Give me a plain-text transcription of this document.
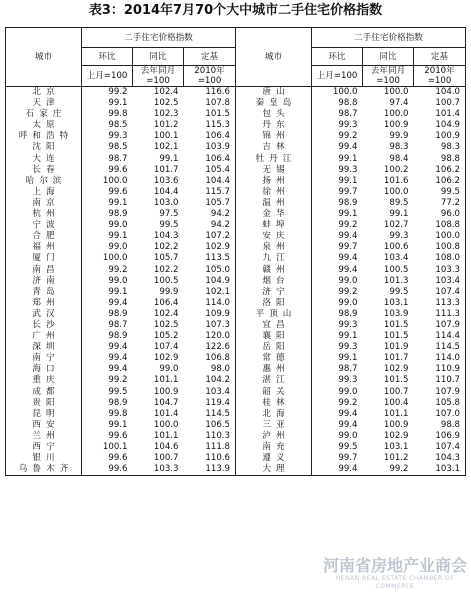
表3：2014年7月70个大中城市二手住宅价格指数
城市	二手住宅价格指数			城市	二手住宅价格指数		
	环比	同比	定基		环比	同比	定基
	上月=100	去年同月=100	2010年=100		上月=100	去年同月=100	2010年=100
北京	99.2	102.4	116.6	唐山	100.0	100.0	104.0
天津	99.1	102.5	107.8	秦皇岛	98.8	97.4	100.7
石家庄	99.8	102.3	101.5	包头	98.7	100.0	101.4
太原	98.5	101.2	115.3	丹东	99.3	100.9	104.9
呼和浩特	99.3	100.1	106.4	锦州	99.2	99.9	100.9
沈阳	98.5	102.1	103.9	吉林	99.4	98.3	98.3
大连	98.7	99.1	106.4	牡丹江	99.1	98.4	98.8
长春	99.6	101.7	105.4	无锡	99.3	100.2	106.2
哈尔滨	100.0	103.6	104.4	扬州	99.1	101.6	106.2
上海	99.6	104.4	115.7	徐州	99.7	100.0	99.5
南京	99.1	103.0	105.7	温州	98.9	89.5	77.2
杭州	98.9	97.5	94.2	金华	99.1	99.1	96.0
宁波	99.0	99.5	94.2	蚌埠	99.2	102.7	108.8
合肥	99.1	104.3	107.2	安庆	99.4	99.3	100.0
福州	99.0	102.2	102.9	泉州	99.7	100.6	100.8
厦门	100.0	105.7	113.5	九江	99.4	103.4	108.0
南昌	99.2	102.2	105.0	赣州	99.4	100.5	103.3
济南	99.0	100.5	104.9	烟台	99.0	101.3	103.4
青岛	99.1	99.9	102.1	济宁	99.2	99.5	107.4
郑州	99.4	106.4	114.0	洛阳	99.0	103.1	113.3
武汉	98.9	102.4	109.9	平顶山	98.9	103.9	111.3
长沙	98.7	102.5	107.3	宜昌	99.3	101.5	107.9
广州	98.9	105.2	120.0	襄阳	99.1	101.5	114.4
深圳	99.4	107.4	122.6	岳阳	99.3	101.9	114.5
南宁	99.4	102.9	106.8	常德	99.1	101.7	114.0
海口	99.4	99.0	98.0	惠州	98.7	102.9	110.9
重庆	99.2	101.1	104.2	湛江	99.3	101.5	110.7
成都	99.5	100.9	103.4	韶关	99.0	100.7	107.9
贵阳	98.9	104.7	119.4	桂林	99.2	100.4	105.8
昆明	99.8	101.4	114.5	北海	99.4	101.1	107.0
西安	99.1	100.0	106.5	三亚	99.4	100.9	98.8
兰州	99.6	101.1	110.3	泸州	99.0	102.9	106.9
西宁	100.1	104.6	111.8	南充	99.5	103.1	107.4
银川	99.6	100.7	110.6	遵义	99.7	101.2	104.3
乌鲁木齐	99.6	103.3	113.9	大理	99.4	99.2	103.1
河南省房地产业商会
HENAN REAL ESTATE CHAMBER OF COMMERCE
